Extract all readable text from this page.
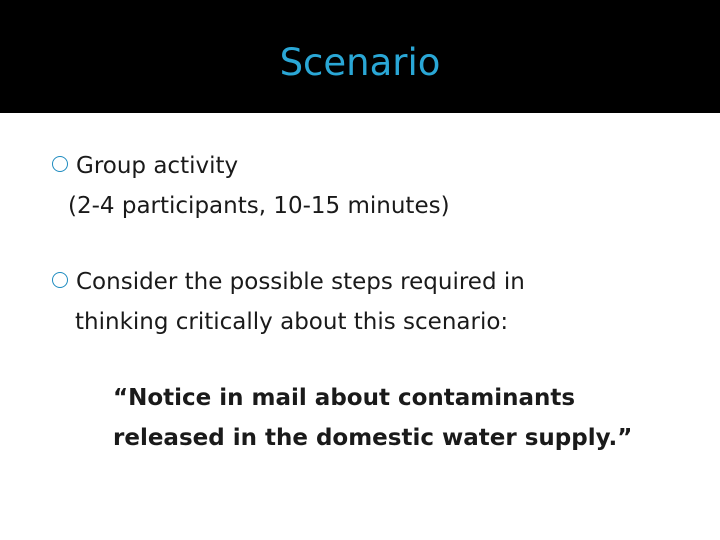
Scenario
Group activity
(2-4 participants, 10-15 minutes)
Consider the possible steps required in
thinking critically about this scenario:
“Notice in mail about contaminants
released in the domestic water supply.”
